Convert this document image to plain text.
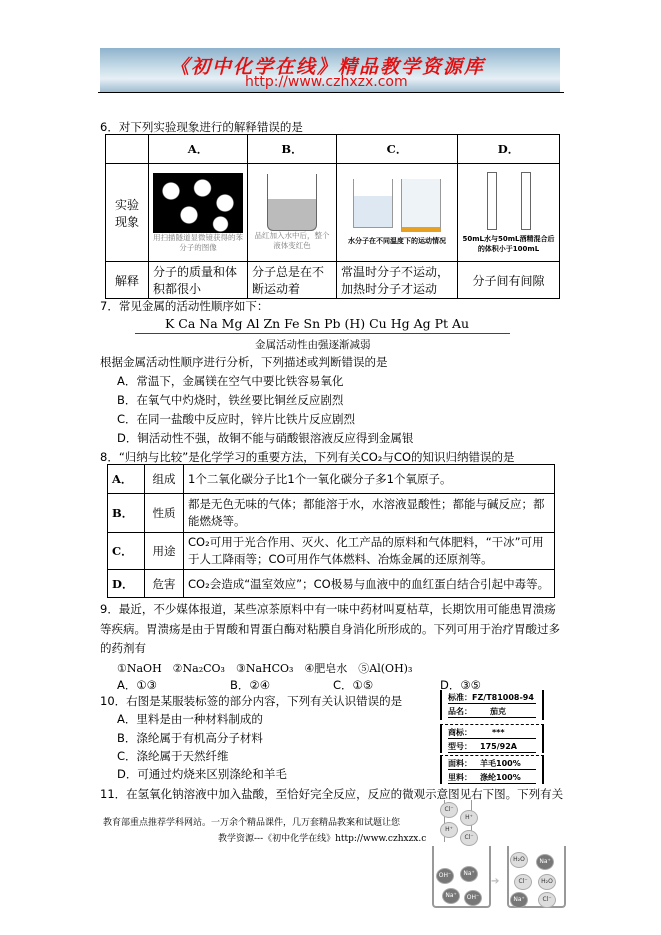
《初中化学在线》精品教学资源库
http://www.czhxzx.com
6．对下列实验现象进行的解释错误的是
	A．	B．	C．	D．
实验现象	用扫描隧道显微镜获得的苯分子的图像	品红加入水中后，整个液体变红色	水分子在不同温度下的运动情况	50mL水与50mL酒精混合后的体积小于100mL

解释	分子的质量和体积都很小	分子总是在不断运动着	常温时分子不运动，加热时分子才运动	分子间有间隙
7．常见金属的活动性顺序如下：
K Ca Na Mg Al Zn Fe Sn Pb (H) Cu Hg Ag Pt Au
金属活动性由强逐渐减弱
根据金属活动性顺序进行分析，下列描述或判断错误的是
A．常温下，金属镁在空气中要比铁容易氧化
B．在氧气中灼烧时，铁丝要比铜丝反应剧烈
C．在同一盐酸中反应时，锌片比铁片反应剧烈
D．铜活动性不强，故铜不能与硝酸银溶液反应得到金属银
8．“归纳与比较”是化学学习的重要方法，下列有关CO₂与CO的知识归纳错误的是
A．	组成	1个二氧化碳分子比1个一氧化碳分子多1个氧原子。
B．	性质	都是无色无味的气体；都能溶于水，水溶液显酸性；都能与碱反应；都能燃烧等。
C．	用途	CO₂可用于光合作用、灭火、化工产品的原料和气体肥料，“干冰”可用于人工降雨等；CO可用作气体燃料、冶炼金属的还原剂等。
D．	危害	CO₂会造成“温室效应”；CO极易与血液中的血红蛋白结合引起中毒等。
9．最近，不少媒体报道，某些凉茶原料中有一味中药材叫夏枯草，长期饮用可能患胃溃疡等疾病。胃溃疡是由于胃酸和胃蛋白酶对粘膜自身消化所形成的。下列可用于治疗胃酸过多的药剂有
①NaOH　②Na₂CO₃　③NaHCO₃　④肥皂水　⑤Al(OH)₃
A．①③	B．②④	C．①⑤	D．③⑤
10．右图是某服装标签的部分内容，下列有关认识错误的是
A．里料是由一种材料制成的
B．涤纶属于有机高分子材料
C．涤纶属于天然纤维
D．可通过灼烧来区别涤纶和羊毛
标准：FZ/T81008-94
品名： 茄克
商标：	***
型号： 175/92A
面料： 羊毛100%
里料： 涤纶100%
11．在氢氧化钠溶液中加入盐酸，至恰好完全反应，反应的微观示意图见右下图。下列有关
教育部重点推荐学科网站。一万余个精品课件，几万套精品教案和试题让您
教学资源---《初中化学在线》http://www.czhxzx.c
Cl⁻
H⁺
H⁺
Cl⁻
OH⁻	Na⁺
Na⁺	OH⁻
➔
H₂O	Na⁺
Cl⁻	H₂O
Na⁺	Cl⁻
